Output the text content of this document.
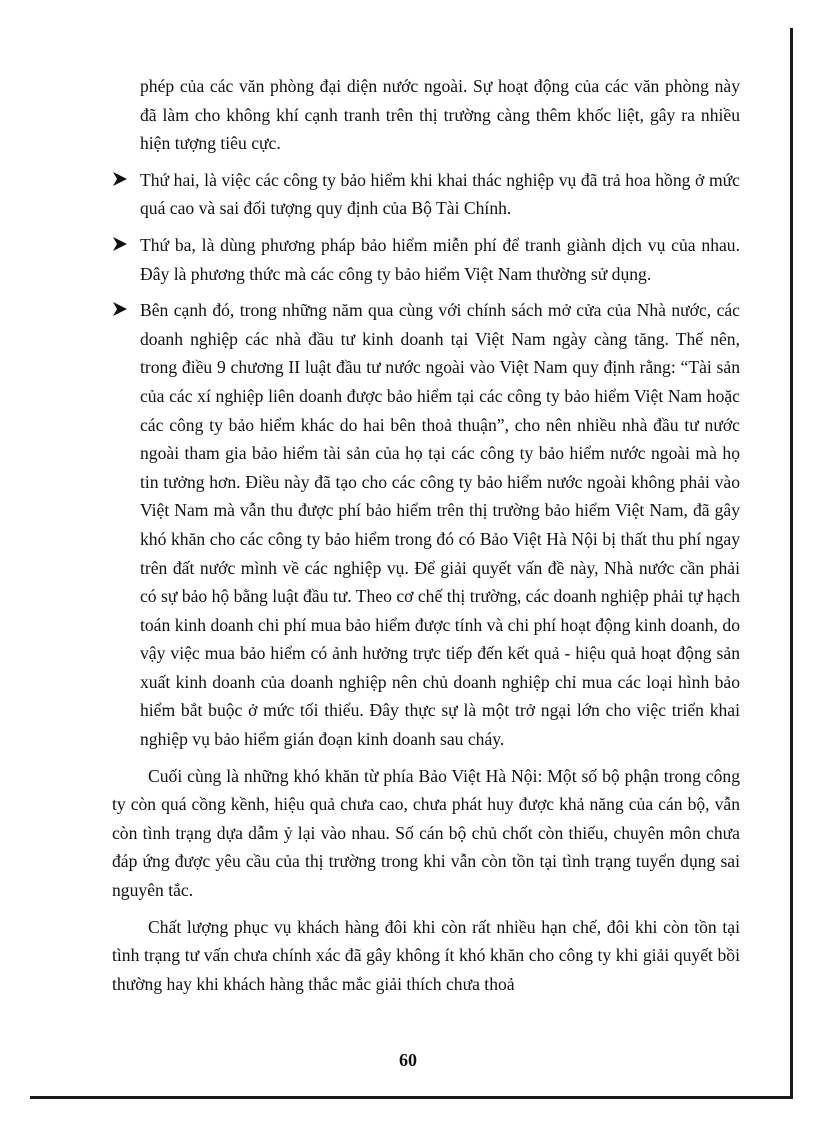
phép của các văn phòng đại diện nước ngoài. Sự hoạt động của các văn phòng này đã làm cho không khí cạnh tranh trên thị trường càng thêm khốc liệt, gây ra nhiều hiện tượng tiêu cực.

Thứ hai, là việc các công ty bảo hiểm khi khai thác nghiệp vụ đã trả hoa hồng ở mức quá cao và sai đối tượng quy định của Bộ Tài Chính.
Thứ ba, là dùng phương pháp bảo hiểm miễn phí để tranh giành dịch vụ của nhau. Đây là phương thức mà các công ty bảo hiểm Việt Nam thường sử dụng.
Bên cạnh đó, trong những năm qua cùng với chính sách mở cửa của Nhà nước, các doanh nghiệp các nhà đầu tư kinh doanh tại Việt Nam ngày càng tăng. Thế nên, trong điều 9 chương II luật đầu tư nước ngoài vào Việt Nam quy định rằng: “Tài sản của các xí nghiệp liên doanh được bảo hiểm tại các công ty bảo hiểm Việt Nam hoặc các công ty bảo hiểm khác do hai bên thoả thuận”, cho nên nhiều nhà đầu tư nước ngoài tham gia bảo hiểm tài sản của họ tại các công ty bảo hiểm nước ngoài mà họ tin tưởng hơn. Điều này đã tạo cho các công ty bảo hiểm nước ngoài không phải vào Việt Nam mà vẫn thu được phí bảo hiểm trên thị trường bảo hiểm Việt Nam, đã gây khó khăn cho các công ty bảo hiểm trong đó có Bảo Việt Hà Nội bị thất thu phí ngay trên đất nước mình về các nghiệp vụ. Để giải quyết vấn đề này, Nhà nước cần phải có sự bảo hộ bằng luật đầu tư. Theo cơ chế thị trường, các doanh nghiệp phải tự hạch toán kinh doanh chi phí mua bảo hiểm được tính và chi phí hoạt động kinh doanh, do vậy việc mua bảo hiểm có ảnh hưởng trực tiếp đến kết quả - hiệu quả hoạt động sản xuất kinh doanh của doanh nghiệp nên chủ doanh nghiệp chỉ mua các loại hình bảo hiểm bắt buộc ở mức tối thiểu. Đây thực sự là một trở ngại lớn cho việc triển khai nghiệp vụ bảo hiểm gián đoạn kinh doanh sau cháy.

Cuối cùng là những khó khăn từ phía Bảo Việt Hà Nội: Một số bộ phận trong công ty còn quá cồng kềnh, hiệu quả chưa cao, chưa phát huy được khả năng của cán bộ, vẫn còn tình trạng dựa dẫm ỷ lại vào nhau. Số cán bộ chủ chốt còn thiếu, chuyên môn chưa đáp ứng được yêu cầu của thị trường trong khi vẫn còn tồn tại tình trạng tuyển dụng sai nguyên tắc.

Chất lượng phục vụ khách hàng đôi khi còn rất nhiều hạn chế, đôi khi còn tồn tại tình trạng tư vấn chưa chính xác đã gây không ít khó khăn cho công ty khi giải quyết bồi thường hay khi khách hàng thắc mắc giải thích chưa thoả

60
